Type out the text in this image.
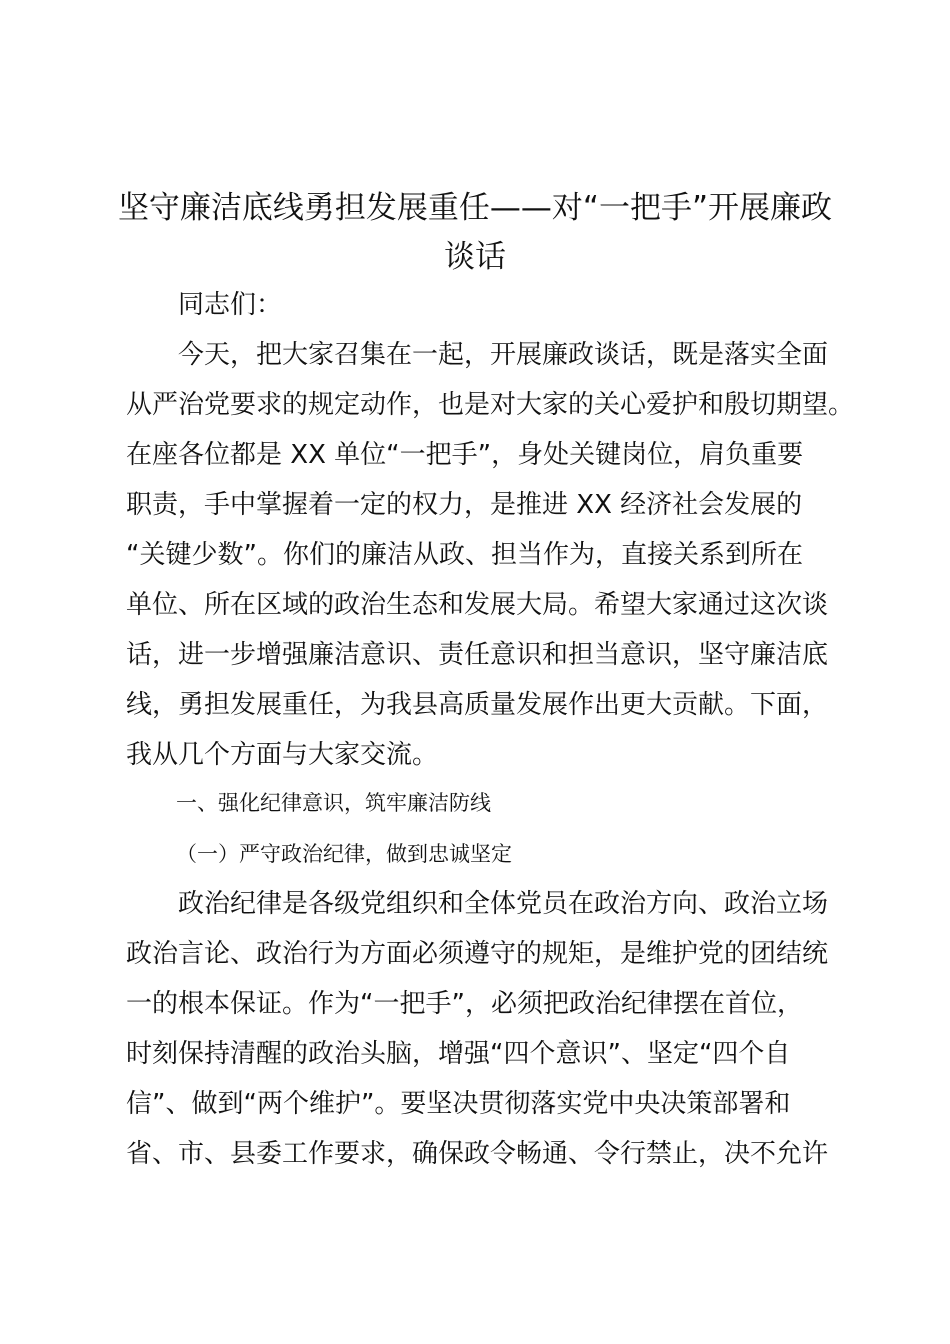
坚守廉洁底线勇担发展重任——对“一把手”开展廉政
谈话
同志们：
今天，把大家召集在一起，开展廉政谈话，既是落实全面
从严治党要求的规定动作，也是对大家的关心爱护和殷切期望。
在座各位都是 XX 单位“一把手”，身处关键岗位，肩负重要
职责，手中掌握着一定的权力，是推进 XX 经济社会发展的
“关键少数”。你们的廉洁从政、担当作为，直接关系到所在
单位、所在区域的政治生态和发展大局。希望大家通过这次谈
话，进一步增强廉洁意识、责任意识和担当意识，坚守廉洁底
线，勇担发展重任，为我县高质量发展作出更大贡献。下面，
我从几个方面与大家交流。
一、强化纪律意识，筑牢廉洁防线
（一）严守政治纪律，做到忠诚坚定
政治纪律是各级党组织和全体党员在政治方向、政治立场
政治言论、政治行为方面必须遵守的规矩，是维护党的团结统
一的根本保证。作为“一把手”，必须把政治纪律摆在首位，
时刻保持清醒的政治头脑，增强“四个意识”、坚定“四个自
信”、做到“两个维护”。要坚决贯彻落实党中央决策部署和
省、市、县委工作要求，确保政令畅通、令行禁止，决不允许
